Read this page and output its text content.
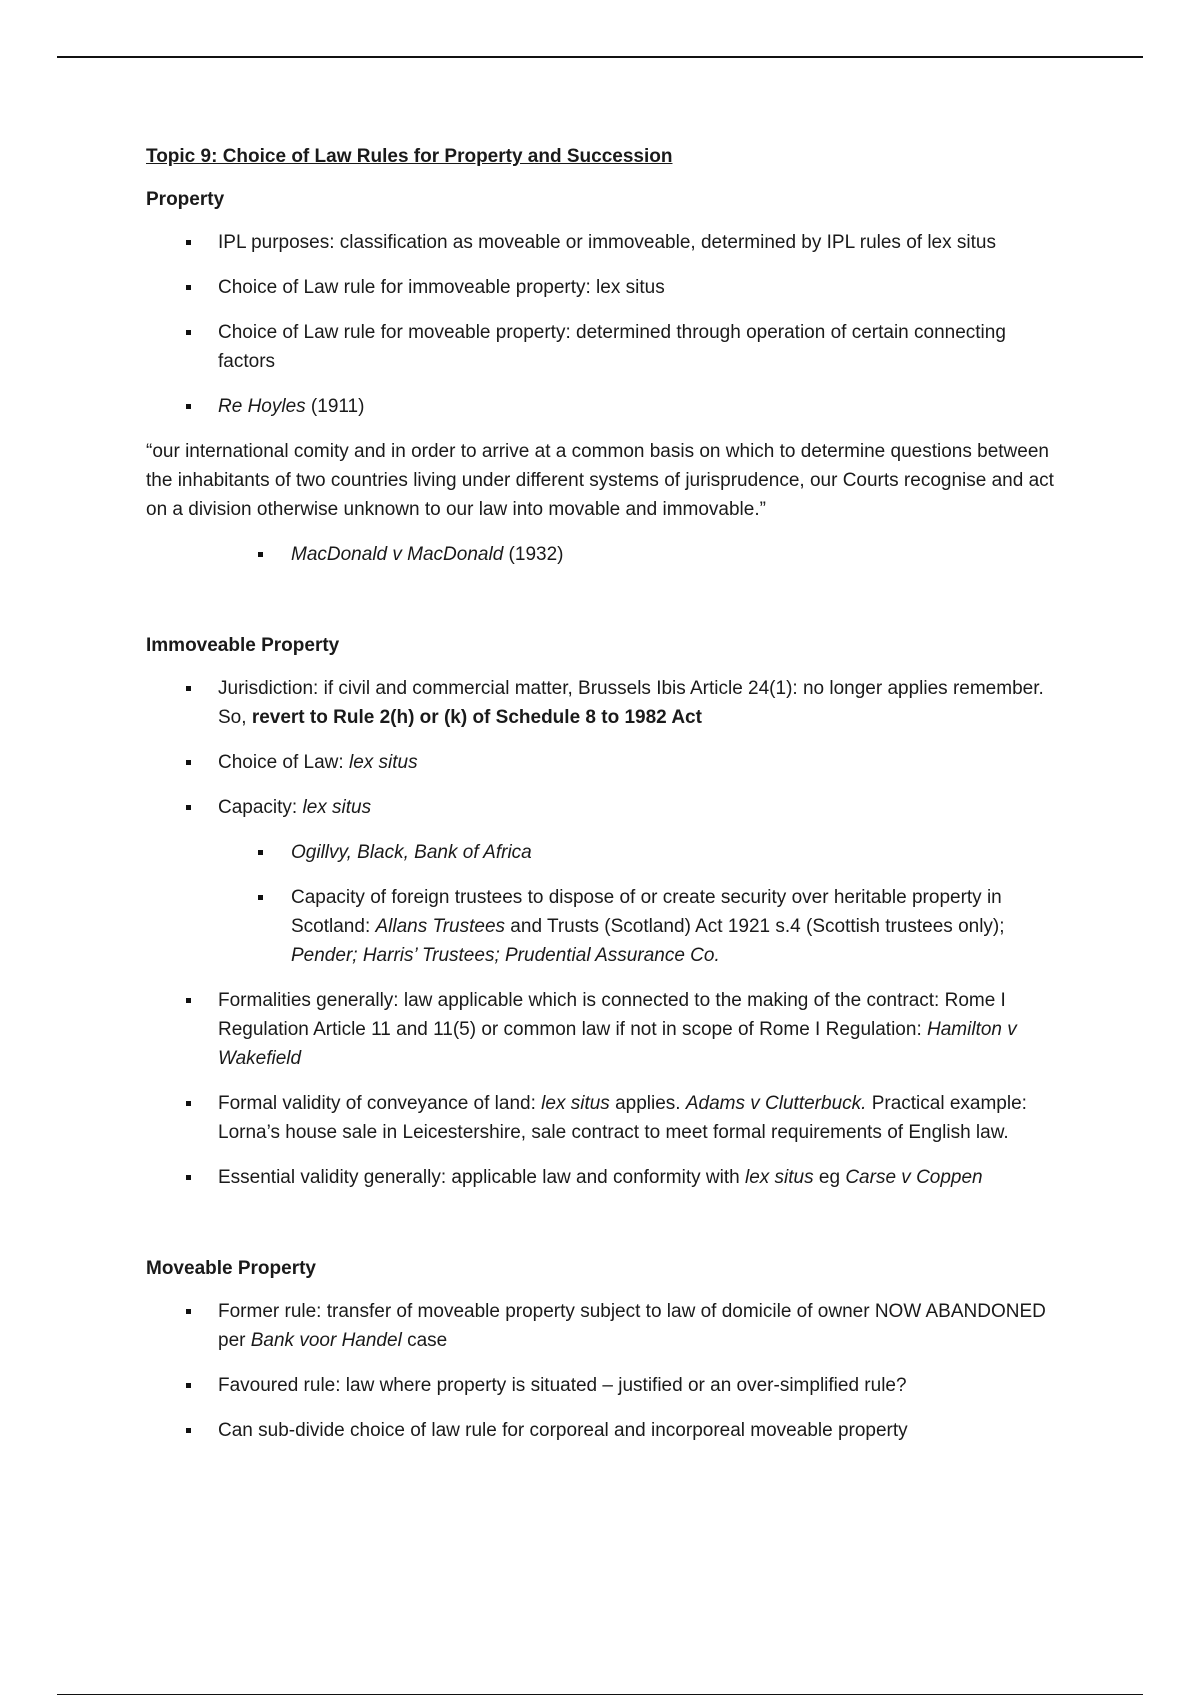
Topic 9: Choice of Law Rules for Property and Succession
Property
IPL purposes: classification as moveable or immoveable, determined by IPL rules of lex situs
Choice of Law rule for immoveable property: lex situs
Choice of Law rule for moveable property: determined through operation of certain connecting factors
Re Hoyles (1911)
“our international comity and in order to arrive at a common basis on which to determine questions between the inhabitants of two countries living under different systems of jurisprudence, our Courts recognise and act on a division otherwise unknown to our law into movable and immovable.”
MacDonald v MacDonald (1932)
Immoveable Property
Jurisdiction: if civil and commercial matter, Brussels Ibis Article 24(1): no longer applies remember. So, revert to Rule 2(h) or (k) of Schedule 8 to 1982 Act
Choice of Law: lex situs
Capacity: lex situs
Ogillvy, Black, Bank of Africa
Capacity of foreign trustees to dispose of or create security over heritable property in Scotland: Allans Trustees and Trusts (Scotland) Act 1921 s.4 (Scottish trustees only); Pender; Harris’ Trustees; Prudential Assurance Co.
Formalities generally: law applicable which is connected to the making of the contract: Rome I Regulation Article 11 and 11(5) or common law if not in scope of Rome I Regulation: Hamilton v Wakefield
Formal validity of conveyance of land: lex situs applies. Adams v Clutterbuck. Practical example: Lorna’s house sale in Leicestershire, sale contract to meet formal requirements of English law.
Essential validity generally: applicable law and conformity with lex situs eg Carse v Coppen
Moveable Property
Former rule: transfer of moveable property subject to law of domicile of owner NOW ABANDONED per Bank voor Handel case
Favoured rule: law where property is situated – justified or an over-simplified rule?
Can sub-divide choice of law rule for corporeal and incorporeal moveable property
